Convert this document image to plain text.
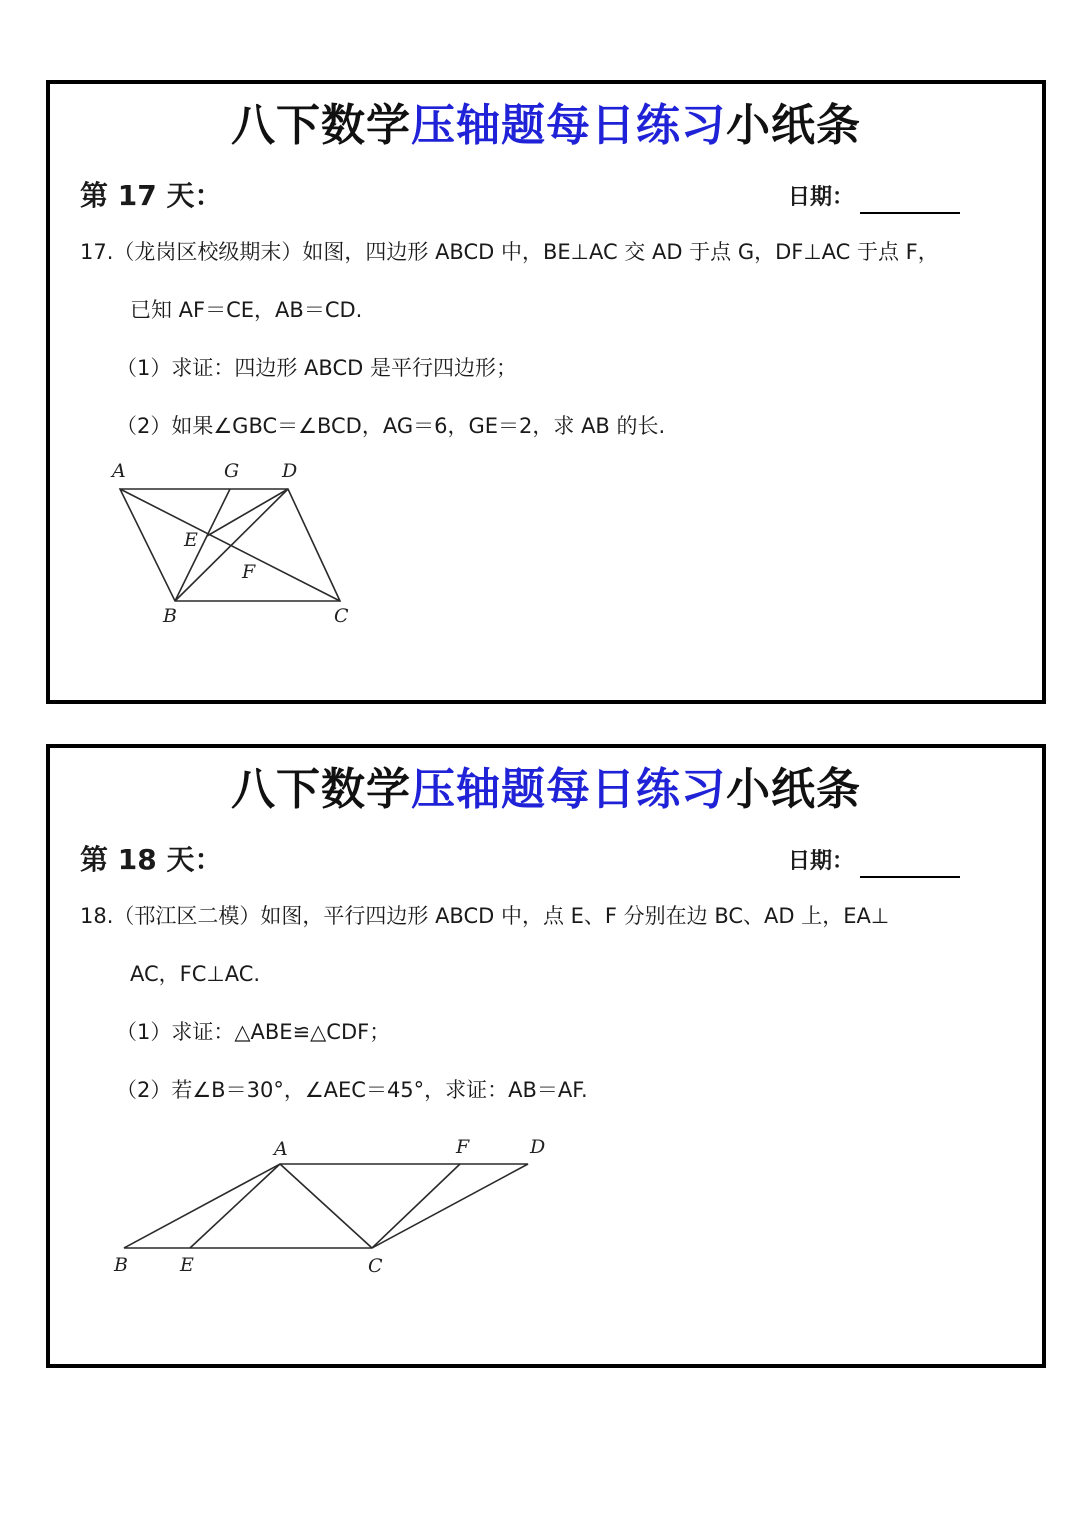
八下数学压轴题每日练习小纸条
第 17 天：	日期：
17.（龙岗区校级期末）如图，四边形 ABCD 中，BE⊥AC 交 AD 于点 G，DF⊥AC 于点 F，
已知 AF＝CE，AB＝CD.
（1）求证：四边形 ABCD 是平行四边形；
（2）如果∠GBC＝∠BCD，AG＝6，GE＝2，求 AB 的长.
A	G D
E
F
B	C
八下数学压轴题每日练习小纸条
第 18 天：	日期：
18.（邗江区二模）如图，平行四边形 ABCD 中，点 E、F 分别在边 BC、AD 上，EA⊥
AC，FC⊥AC.
（1）求证：△ABE≌△CDF；
（2）若∠B＝30°，∠AEC＝45°，求证：AB＝AF.
A	F	D
B	E	C
